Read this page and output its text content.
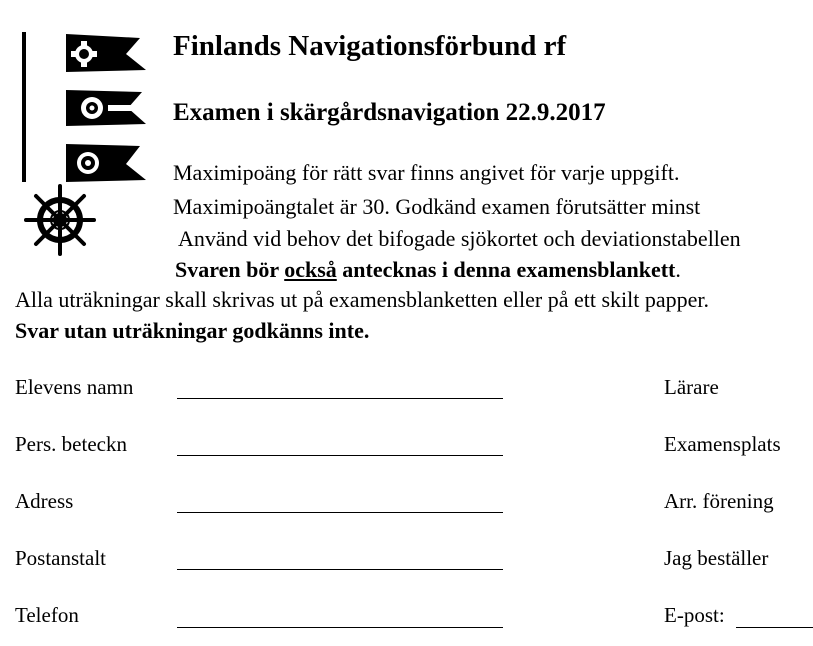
Finlands Navigationsförbund rf
Examen i skärgårdsnavigation 22.9.2017
Maximipoäng för rätt svar finns angivet för varje uppgift.
Maximipoängtalet är 30. Godkänd examen förutsätter minst
Använd vid behov det bifogade sjökortet och deviationstabellen
Svaren bör också antecknas i denna examensblankett.
Alla uträkningar skall skrivas ut på examensblanketten eller på ett skilt papper.
Svar utan uträkningar godkänns inte.
Elevens namn
Pers. beteckn
Adress
Postanstalt
Telefon
Lärare
Examensplats
Arr. förening
Jag beställer
E-post:
